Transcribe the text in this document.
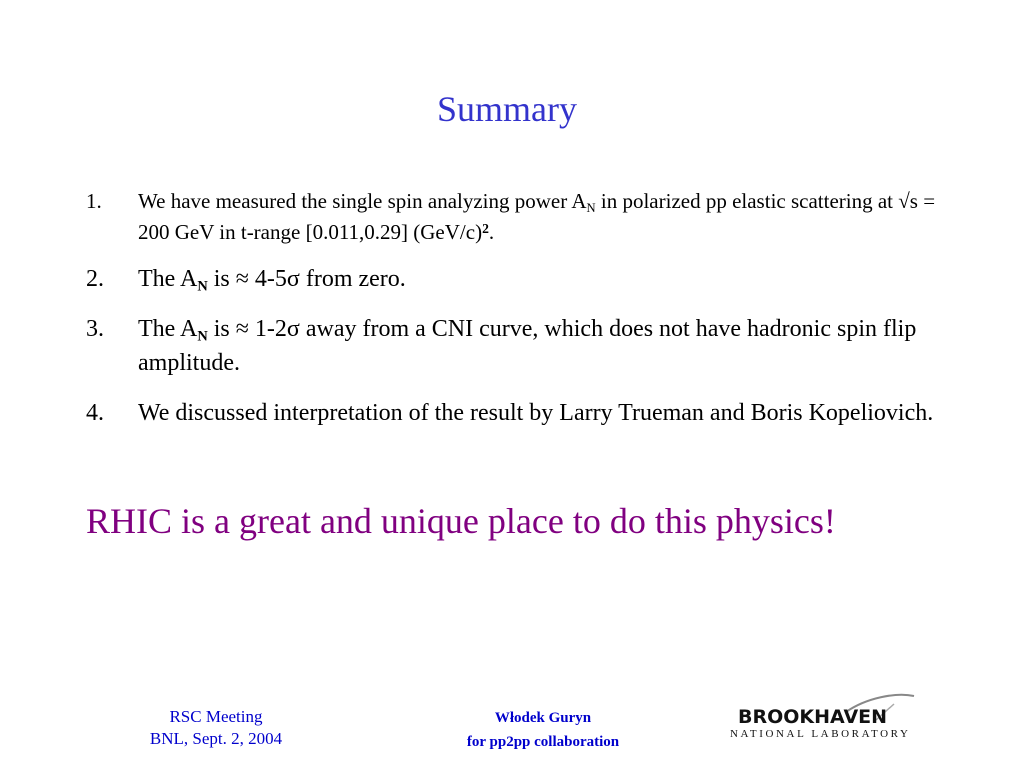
Summary
1. We have measured the single spin analyzing power $A_N$ in polarized pp elastic scattering at √s = 200 GeV in t-range [0.011,0.29] $(GeV/c)^2$.
2. The $A_N$ is ≈ 4-5σ from zero.
3. The $A_N$ is ≈ 1-2σ away from a CNI curve, which does not have hadronic spin flip amplitude.
4. We discussed interpretation of the result by Larry Trueman and Boris Kopeliovich.
RHIC is a great and unique place to do this physics!
RSC Meeting
BNL, Sept. 2, 2004
Włodek Guryn
for pp2pp collaboration
BROOKHAVEN
NATIONAL LABORATORY
